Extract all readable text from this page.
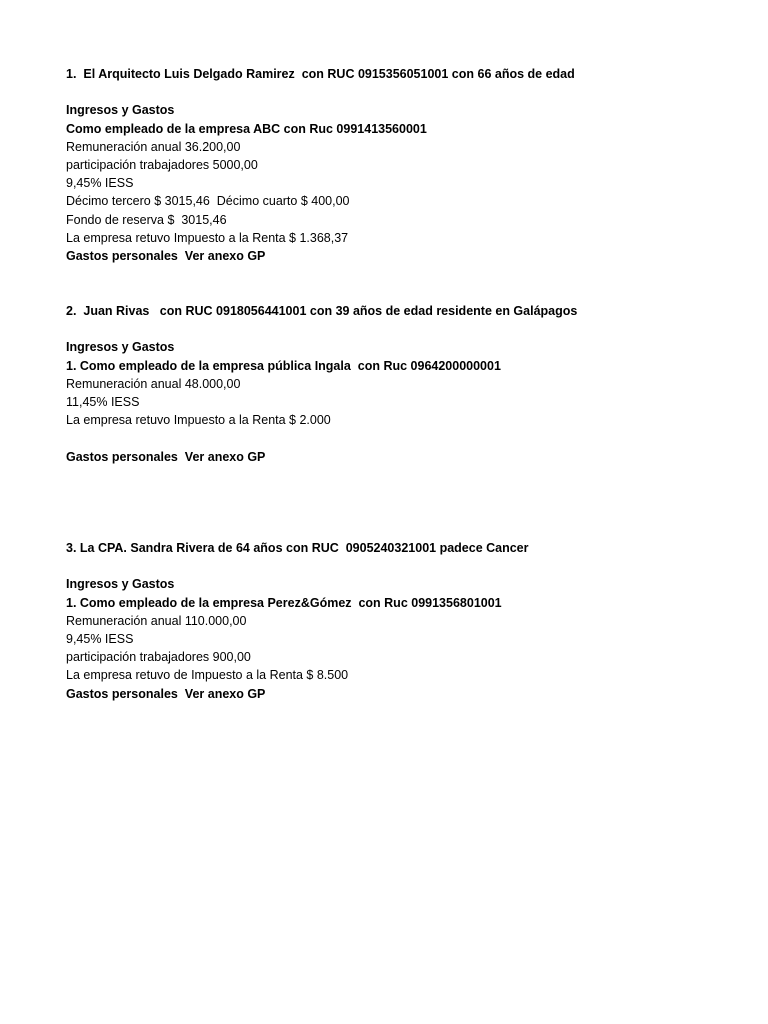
1.  El Arquitecto Luis Delgado Ramirez  con RUC 0915356051001 con 66 años de edad
Ingresos y Gastos
Como empleado de la empresa ABC con Ruc 0991413560001
Remuneración anual 36.200,00
participación trabajadores 5000,00
9,45% IESS
Décimo tercero $ 3015,46  Décimo cuarto $ 400,00
Fondo de reserva $  3015,46
La empresa retuvo Impuesto a la Renta $ 1.368,37
Gastos personales  Ver anexo GP
2.  Juan Rivas   con RUC 0918056441001 con 39 años de edad residente en Galápagos
Ingresos y Gastos
1. Como empleado de la empresa pública Ingala  con Ruc 0964200000001
Remuneración anual 48.000,00
11,45% IESS
La empresa retuvo Impuesto a la Renta $ 2.000
Gastos personales  Ver anexo GP
3. La CPA. Sandra Rivera de 64 años con RUC  0905240321001 padece Cancer
Ingresos y Gastos
1. Como empleado de la empresa Perez&Gómez  con Ruc 0991356801001
Remuneración anual 110.000,00
9,45% IESS
participación trabajadores 900,00
La empresa retuvo de Impuesto a la Renta $ 8.500
Gastos personales  Ver anexo GP
